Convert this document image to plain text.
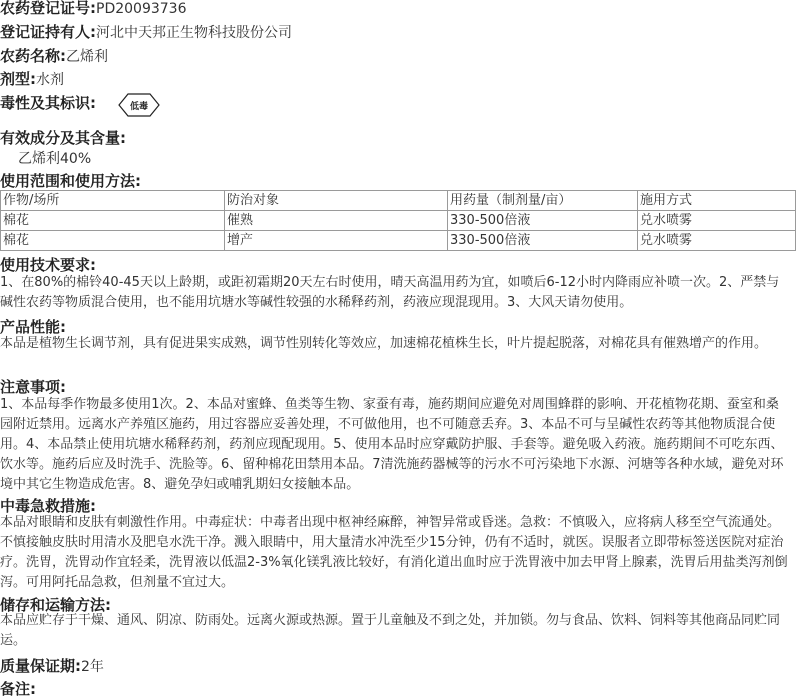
农药登记证号:PD20093736
登记证持有人:河北中天邦正生物科技股份公司
农药名称:乙烯利
剂型:水剂
毒性及其标识:	低毒
有效成分及其含量:
乙烯利40%
使用范围和使用方法:
作物/场所	防治对象	用药量（制剂量/亩）	施用方式
棉花	催熟	330-500倍液	兑水喷雾
棉花	增产	330-500倍液	兑水喷雾
使用技术要求:

1、在80%的棉铃40-45天以上龄期，或距初霜期20天左右时使用，晴天高温用药为宜，如喷后6-12小时内降雨应补喷一次。2、严禁与碱性农药等物质混合使用，也不能用坑塘水等碱性较强的水稀释药剂，药液应现混现用。3、大风天请勿使用。

产品性能:

本品是植物生长调节剂，具有促进果实成熟，调节性别转化等效应，加速棉花植株生长，叶片提起脱落，对棉花具有催熟增产的作用。

注意事项:

1、本品每季作物最多使用1次。2、本品对蜜蜂、鱼类等生物、家蚕有毒，施药期间应避免对周围蜂群的影响、开花植物花期、蚕室和桑园附近禁用。远离水产养殖区施药，用过容器应妥善处理，不可做他用，也不可随意丢弃。3、本品不可与呈碱性农药等其他物质混合使用。4、本品禁止使用坑塘水稀释药剂，药剂应现配现用。5、使用本品时应穿戴防护服、手套等。避免吸入药液。施药期间不可吃东西、饮水等。施药后应及时洗手、洗脸等。6、留种棉花田禁用本品。7清洗施药器械等的污水不可污染地下水源、河塘等各种水域，避免对环境中其它生物造成危害。8、避免孕妇或哺乳期妇女接触本品。

中毒急救措施:

本品对眼睛和皮肤有刺激性作用。中毒症状：中毒者出现中枢神经麻醉，神智异常或昏迷。急救：不慎吸入，应将病人移至空气流通处。不慎接触皮肤时用清水及肥皂水洗干净。溅入眼睛中，用大量清水冲洗至少15分钟，仍有不适时，就医。误服者立即带标签送医院对症治疗。洗胃，洗胃动作宜轻柔，洗胃液以低温2-3%氧化镁乳液比较好，有消化道出血时应于洗胃液中加去甲肾上腺素，洗胃后用盐类泻剂倒泻。可用阿托品急救，但剂量不宜过大。

储存和运输方法:

本品应贮存于干燥、通风、阴凉、防雨处。远离火源或热源。置于儿童触及不到之处，并加锁。勿与食品、饮料、饲料等其他商品同贮同运。

质量保证期:2年
备注:
